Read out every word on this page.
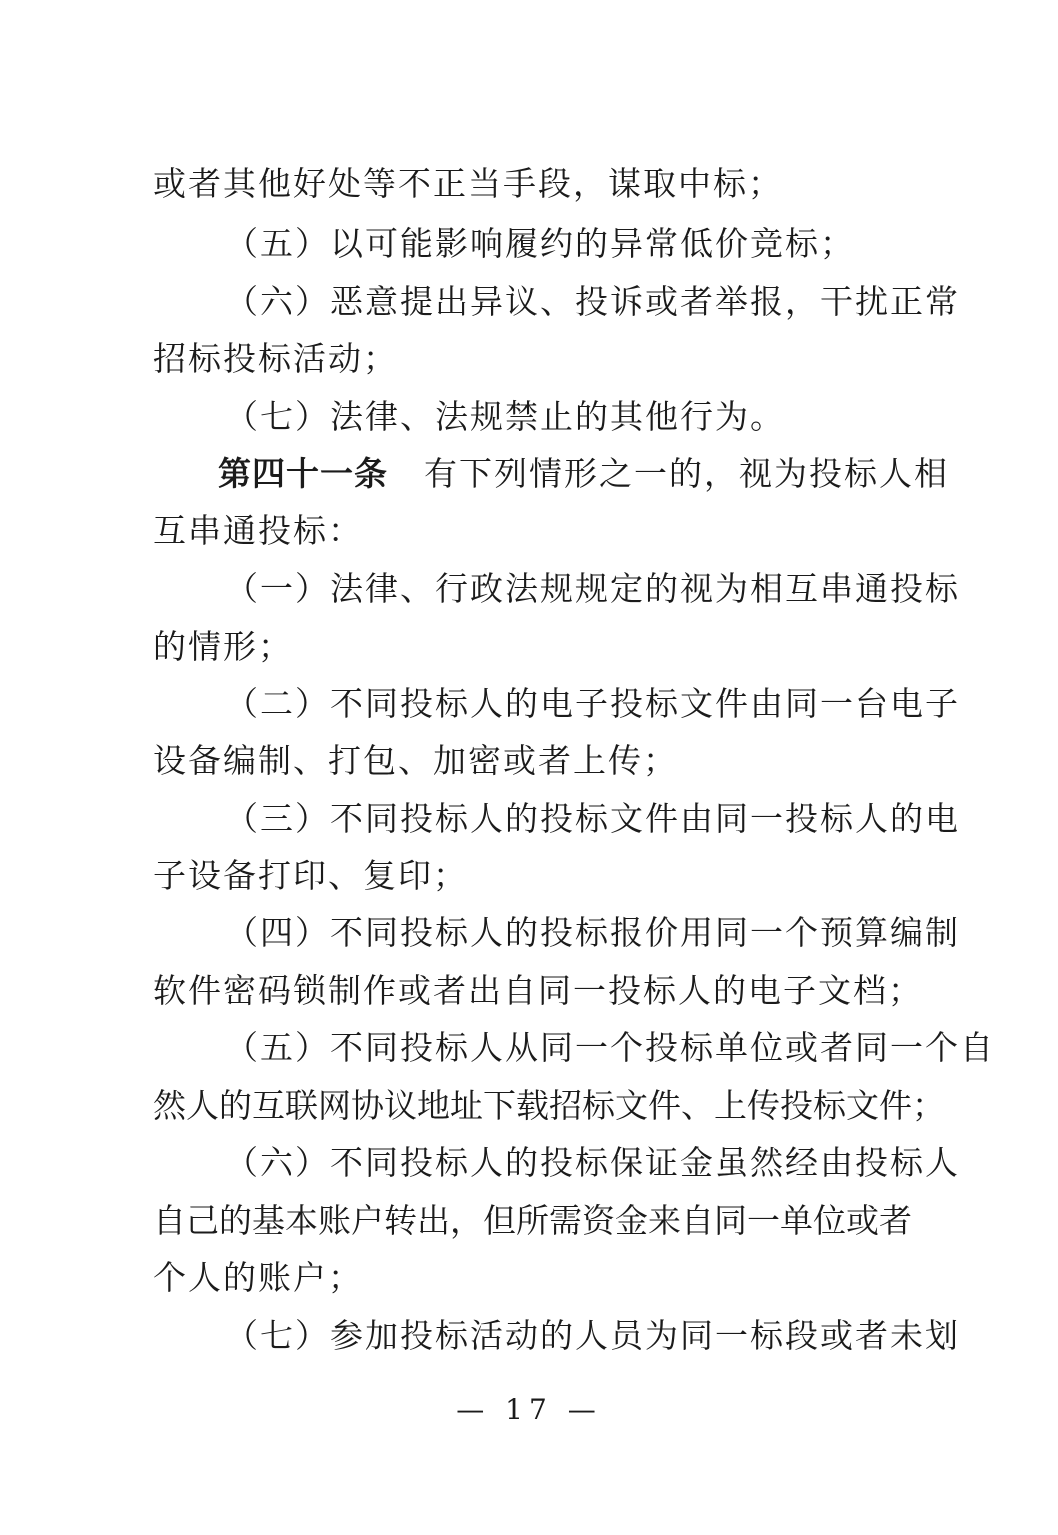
或者其他好处等不正当手段，谋取中标；
（五）以可能影响履约的异常低价竞标；
（六）恶意提出异议、投诉或者举报，干扰正常
招标投标活动；
（七）法律、法规禁止的其他行为。
第四十一条 有下列情形之一的，视为投标人相
互串通投标：
（一）法律、行政法规规定的视为相互串通投标
的情形；
（二）不同投标人的电子投标文件由同一台电子
设备编制、打包、加密或者上传；
（三）不同投标人的投标文件由同一投标人的电
子设备打印、复印；
（四）不同投标人的投标报价用同一个预算编制
软件密码锁制作或者出自同一投标人的电子文档；
（五）不同投标人从同一个投标单位或者同一个自
然人的互联网协议地址下载招标文件、上传投标文件；
（六）不同投标人的投标保证金虽然经由投标人
自己的基本账户转出，但所需资金来自同一单位或者
个人的账户；
（七）参加投标活动的人员为同一标段或者未划
— 17 —
